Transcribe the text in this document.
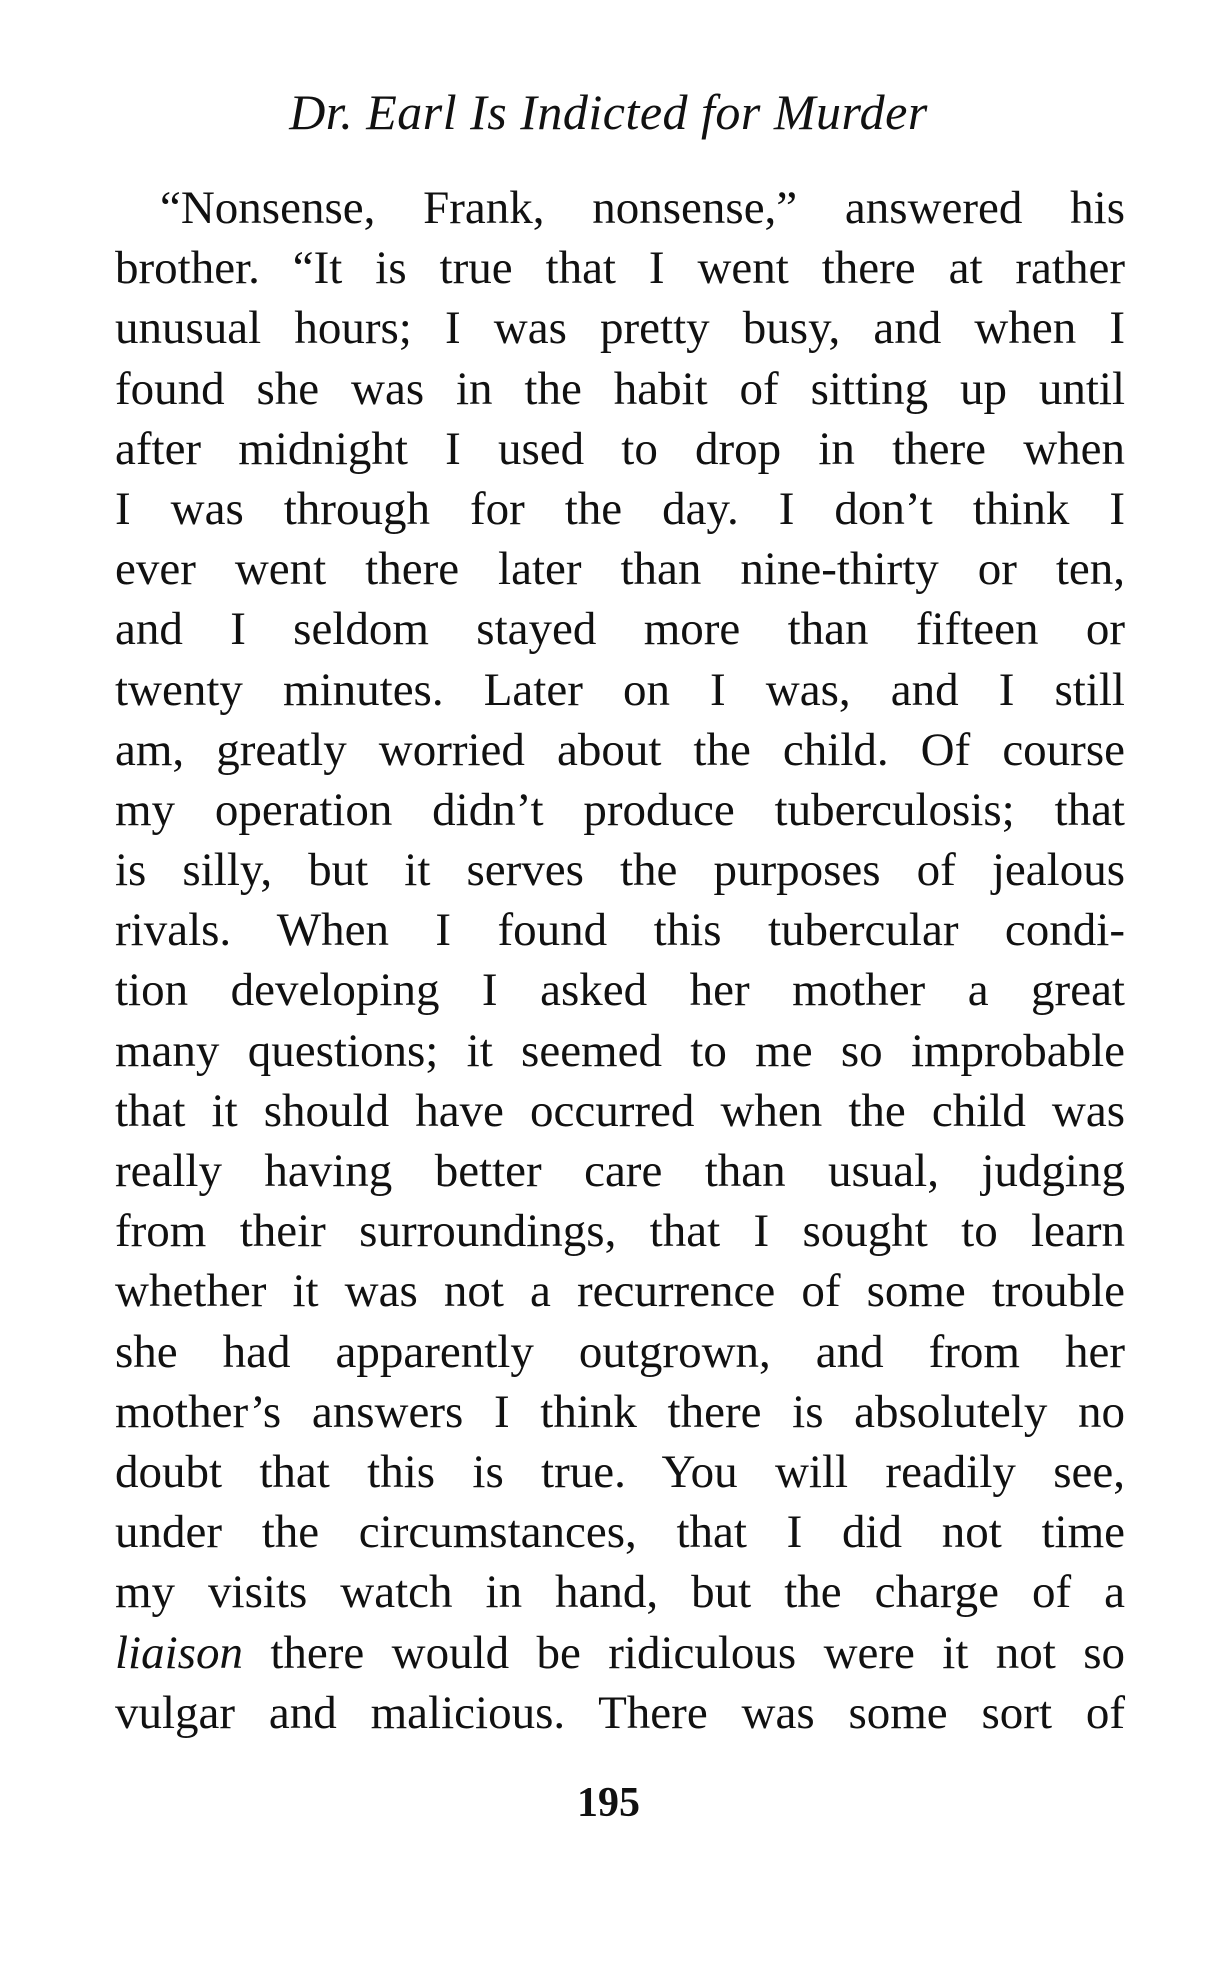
Dr. Earl Is Indicted for Murder
“Nonsense, Frank, nonsense,” answered his
brother. “It is true that I went there at rather
unusual hours; I was pretty busy, and when I
found she was in the habit of sitting up until
after midnight I used to drop in there when
I was through for the day. I don’t think I
ever went there later than nine-thirty or ten,
and I seldom stayed more than fifteen or
twenty minutes. Later on I was, and I still
am, greatly worried about the child. Of course
my operation didn’t produce tuberculosis; that
is silly, but it serves the purposes of jealous
rivals. When I found this tubercular condi-
tion developing I asked her mother a great
many questions; it seemed to me so improbable
that it should have occurred when the child was
really having better care than usual, judging
from their surroundings, that I sought to learn
whether it was not a recurrence of some trouble
she had apparently outgrown, and from her
mother’s answers I think there is absolutely no
doubt that this is true. You will readily see,
under the circumstances, that I did not time
my visits watch in hand, but the charge of a
liaison there would be ridiculous were it not so
vulgar and malicious. There was some sort of
195
